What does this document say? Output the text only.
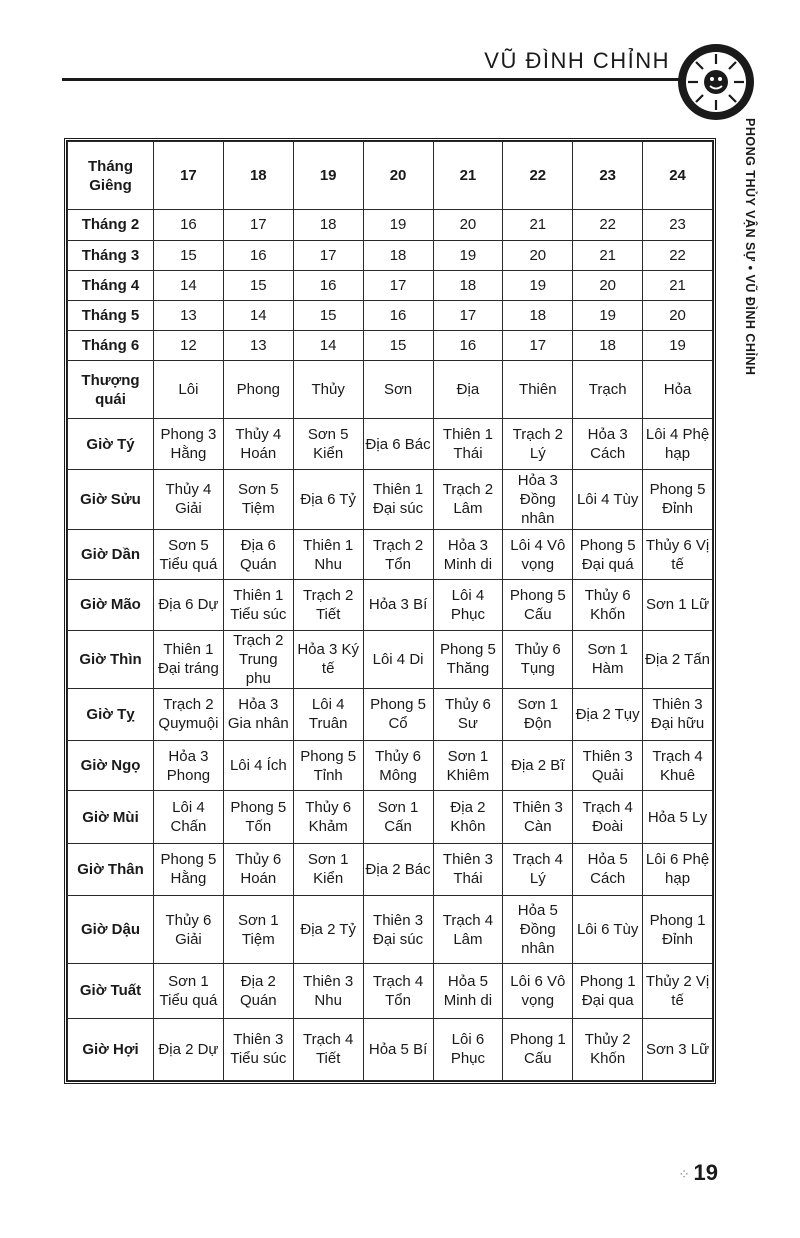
VŨ ĐÌNH CHỈNH
PHONG THỦY VẬN SỰ • VŨ ĐÌNH CHỈNH
Tháng Giêng	17	18	19	20	21	22	23	24
Tháng 2	16	17	18	19	20	21	22	23
Tháng 3	15	16	17	18	19	20	21	22
Tháng 4	14	15	16	17	18	19	20	21
Tháng 5	13	14	15	16	17	18	19	20
Tháng 6	12	13	14	15	16	17	18	19
Thượng quái	Lôi	Phong	Thủy	Sơn	Địa	Thiên	Trạch	Hỏa
Giờ Tý	Phong 3 Hằng	Thủy 4 Hoán	Sơn 5 Kiển	Địa 6 Bác	Thiên 1 Thái	Trạch 2 Lý	Hỏa 3 Cách	Lôi 4 Phệ hạp
Giờ Sửu	Thủy 4 Giải	Sơn 5 Tiệm	Địa 6 Tỷ	Thiên 1 Đại súc	Trạch 2 Lâm	Hỏa 3 Đồng nhân	Lôi 4 Tùy	Phong 5 Đỉnh
Giờ Dần	Sơn 5 Tiểu quá	Địa 6 Quán	Thiên 1 Nhu	Trạch 2 Tổn	Hỏa 3 Minh di	Lôi 4 Vô vọng	Phong 5 Đại quá	Thủy 6 Vị tế
Giờ Mão	Địa 6 Dự	Thiên 1 Tiểu súc	Trạch 2 Tiết	Hỏa 3 Bí	Lôi 4 Phục	Phong 5 Cấu	Thủy 6 Khốn	Sơn 1 Lữ
Giờ Thìn	Thiên 1 Đại tráng	Trạch 2 Trung phu	Hỏa 3 Ký tế	Lôi 4 Di	Phong 5 Thăng	Thủy 6 Tụng	Sơn 1 Hàm	Địa 2 Tấn
Giờ Tỵ	Trạch 2 Quymuội	Hỏa 3 Gia nhân	Lôi 4 Truân	Phong 5 Cổ	Thủy 6 Sư	Sơn 1 Độn	Địa 2 Tụy	Thiên 3 Đại hữu
Giờ Ngọ	Hỏa 3 Phong	Lôi 4 Ích	Phong 5 Tỉnh	Thủy 6 Mông	Sơn 1 Khiêm	Địa 2 Bĩ	Thiên 3 Quải	Trạch 4 Khuê
Giờ Mùi	Lôi 4 Chấn	Phong 5 Tốn	Thủy 6 Khảm	Sơn 1 Cấn	Địa 2 Khôn	Thiên 3 Càn	Trạch 4 Đoài	Hỏa 5 Ly
Giờ Thân	Phong 5 Hằng	Thủy 6 Hoán	Sơn 1 Kiển	Địa 2 Bác	Thiên 3 Thái	Trạch 4 Lý	Hỏa 5 Cách	Lôi 6 Phệ hạp
Giờ Dậu	Thủy 6 Giải	Sơn 1 Tiệm	Địa 2 Tỷ	Thiên 3 Đại súc	Trạch 4 Lâm	Hỏa 5 Đồng nhân	Lôi 6 Tùy	Phong 1 Đỉnh
Giờ Tuất	Sơn 1 Tiểu quá	Địa 2 Quán	Thiên 3 Nhu	Trạch 4 Tổn	Hỏa 5 Minh di	Lôi 6 Vô vọng	Phong 1 Đại qua	Thủy 2 Vị tế
Giờ Hợi	Địa 2 Dự	Thiên 3 Tiểu súc	Trạch 4 Tiết	Hỏa 5 Bí	Lôi 6 Phục	Phong 1 Cấu	Thủy 2 Khốn	Sơn 3 Lữ
⁘ 19
